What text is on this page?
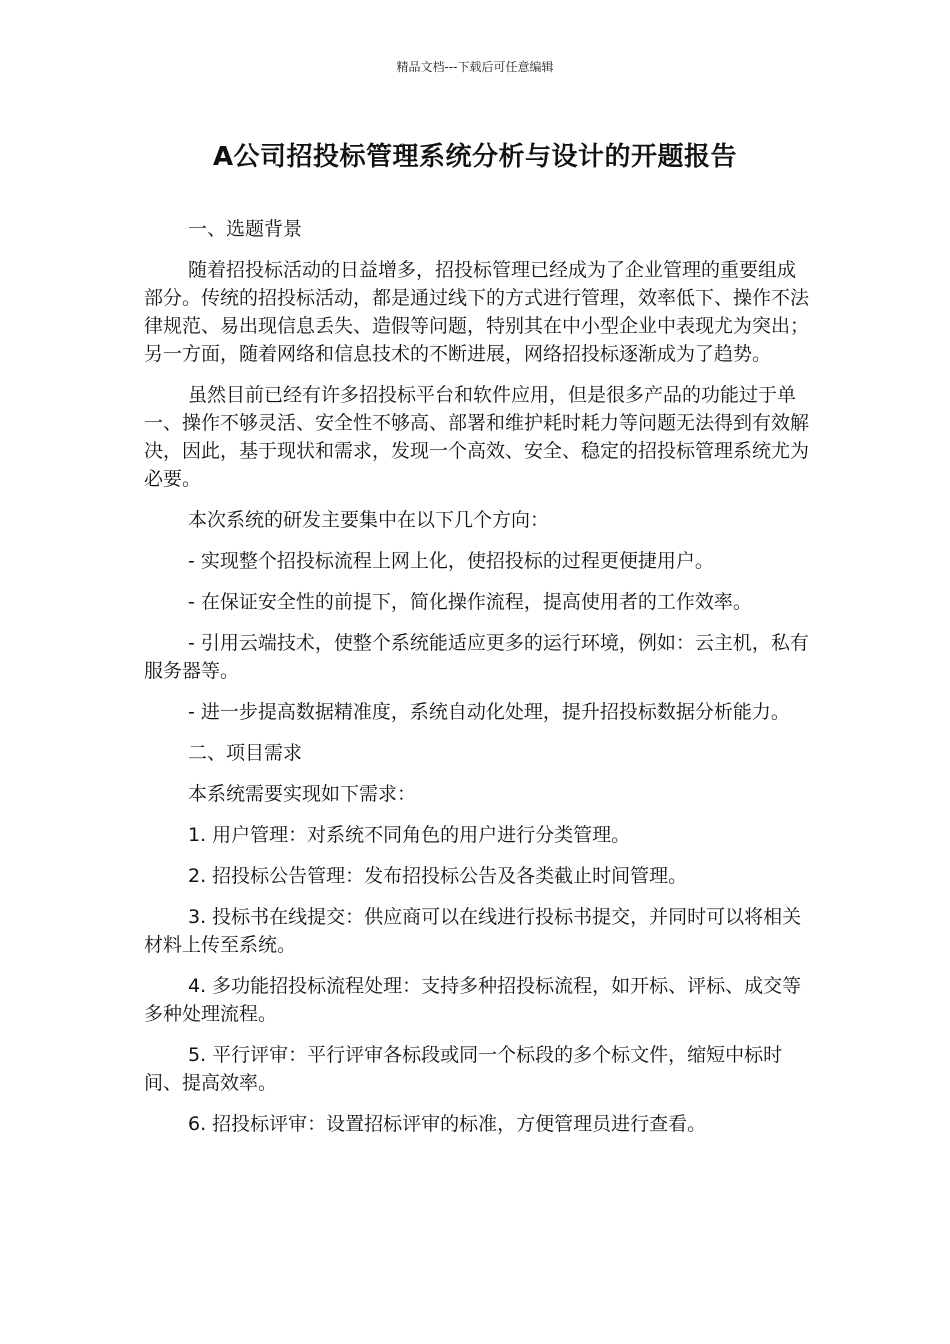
精品文档---下载后可任意编辑
A公司招投标管理系统分析与设计的开题报告

一、选题背景

随着招投标活动的日益增多，招投标管理已经成为了企业管理的重要组成部分。传统的招投标活动，都是通过线下的方式进行管理，效率低下、操作不法律规范、易出现信息丢失、造假等问题，特别其在中小型企业中表现尤为突出；另一方面，随着网络和信息技术的不断进展，网络招投标逐渐成为了趋势。

虽然目前已经有许多招投标平台和软件应用，但是很多产品的功能过于单一、操作不够灵活、安全性不够高、部署和维护耗时耗力等问题无法得到有效解决，因此，基于现状和需求，发现一个高效、安全、稳定的招投标管理系统尤为必要。

本次系统的研发主要集中在以下几个方向：

- 实现整个招投标流程上网上化，使招投标的过程更便捷用户。

- 在保证安全性的前提下，简化操作流程，提高使用者的工作效率。

- 引用云端技术，使整个系统能适应更多的运行环境，例如：云主机，私有服务器等。

- 进一步提高数据精准度，系统自动化处理，提升招投标数据分析能力。

二、项目需求

本系统需要实现如下需求：

1. 用户管理：对系统不同角色的用户进行分类管理。

2. 招投标公告管理：发布招投标公告及各类截止时间管理。

3. 投标书在线提交：供应商可以在线进行投标书提交，并同时可以将相关材料上传至系统。

4. 多功能招投标流程处理：支持多种招投标流程，如开标、评标、成交等多种处理流程。

5. 平行评审：平行评审各标段或同一个标段的多个标文件，缩短中标时间、提高效率。

6. 招投标评审：设置招标评审的标准，方便管理员进行查看。
